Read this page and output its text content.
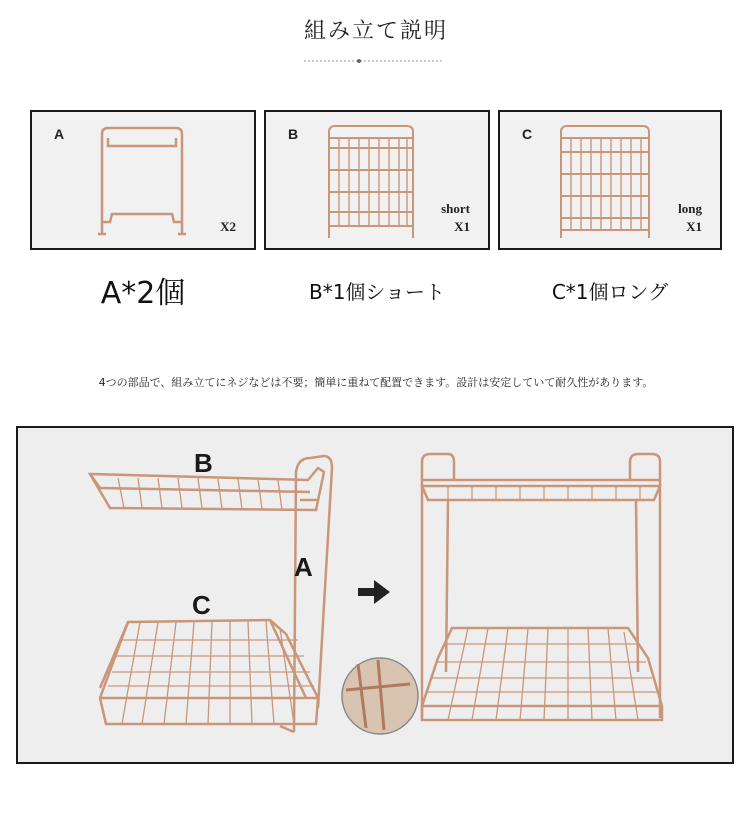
組み立て説明
A
X2
B
short
X1
C
long
X1
A*2個	B*1個ショート	C*1個ロング
4つの部品で、組み立てにネジなどは不要；簡単に重ねて配置できます。設計は安定していて耐久性があります。
B
A
C
